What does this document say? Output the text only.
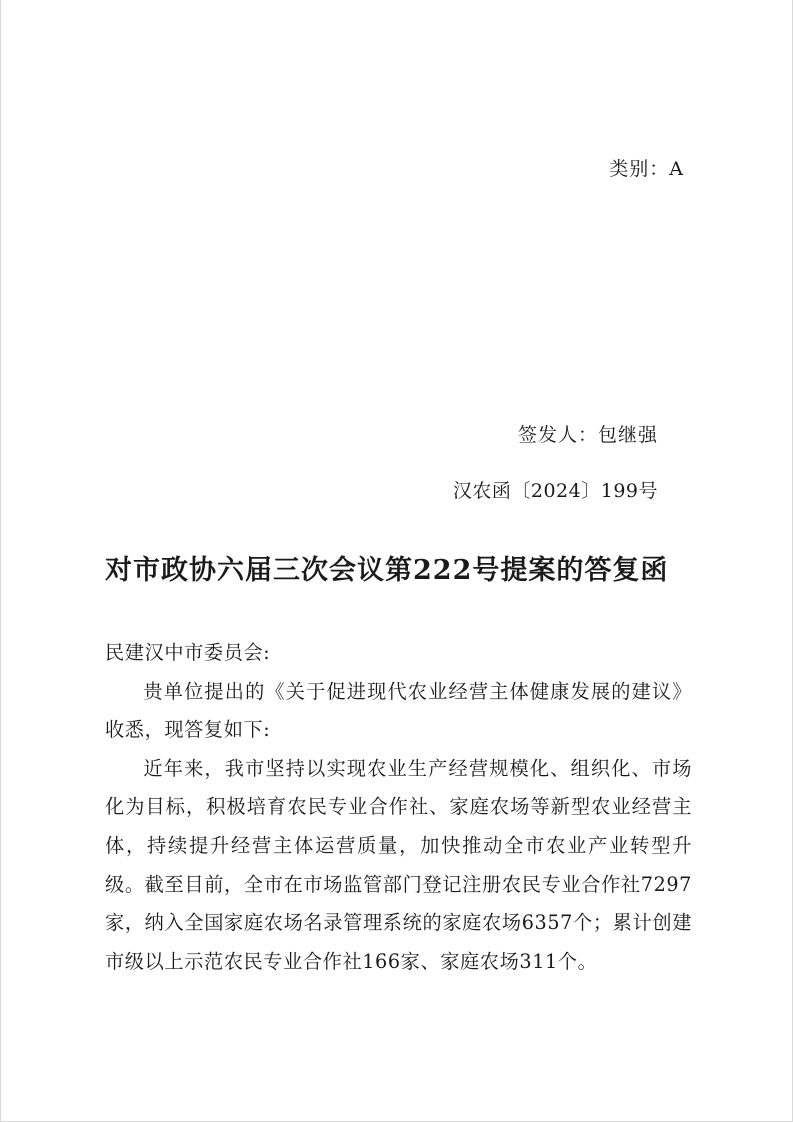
类别：A
签发人：包继强
汉农函〔2024〕199号
对市政协六届三次会议第222号提案的答复函

民建汉中市委员会:

贵单位提出的《关于促进现代农业经营主体健康发展的建议》收悉，现答复如下:

近年来，我市坚持以实现农业生产经营规模化、组织化、市场化为目标，积极培育农民专业合作社、家庭农场等新型农业经营主体，持续提升经营主体运营质量，加快推动全市农业产业转型升级。截至目前，全市在市场监管部门登记注册农民专业合作社7297家，纳入全国家庭农场名录管理系统的家庭农场6357个；累计创建市级以上示范农民专业合作社166家、家庭农场311个。
